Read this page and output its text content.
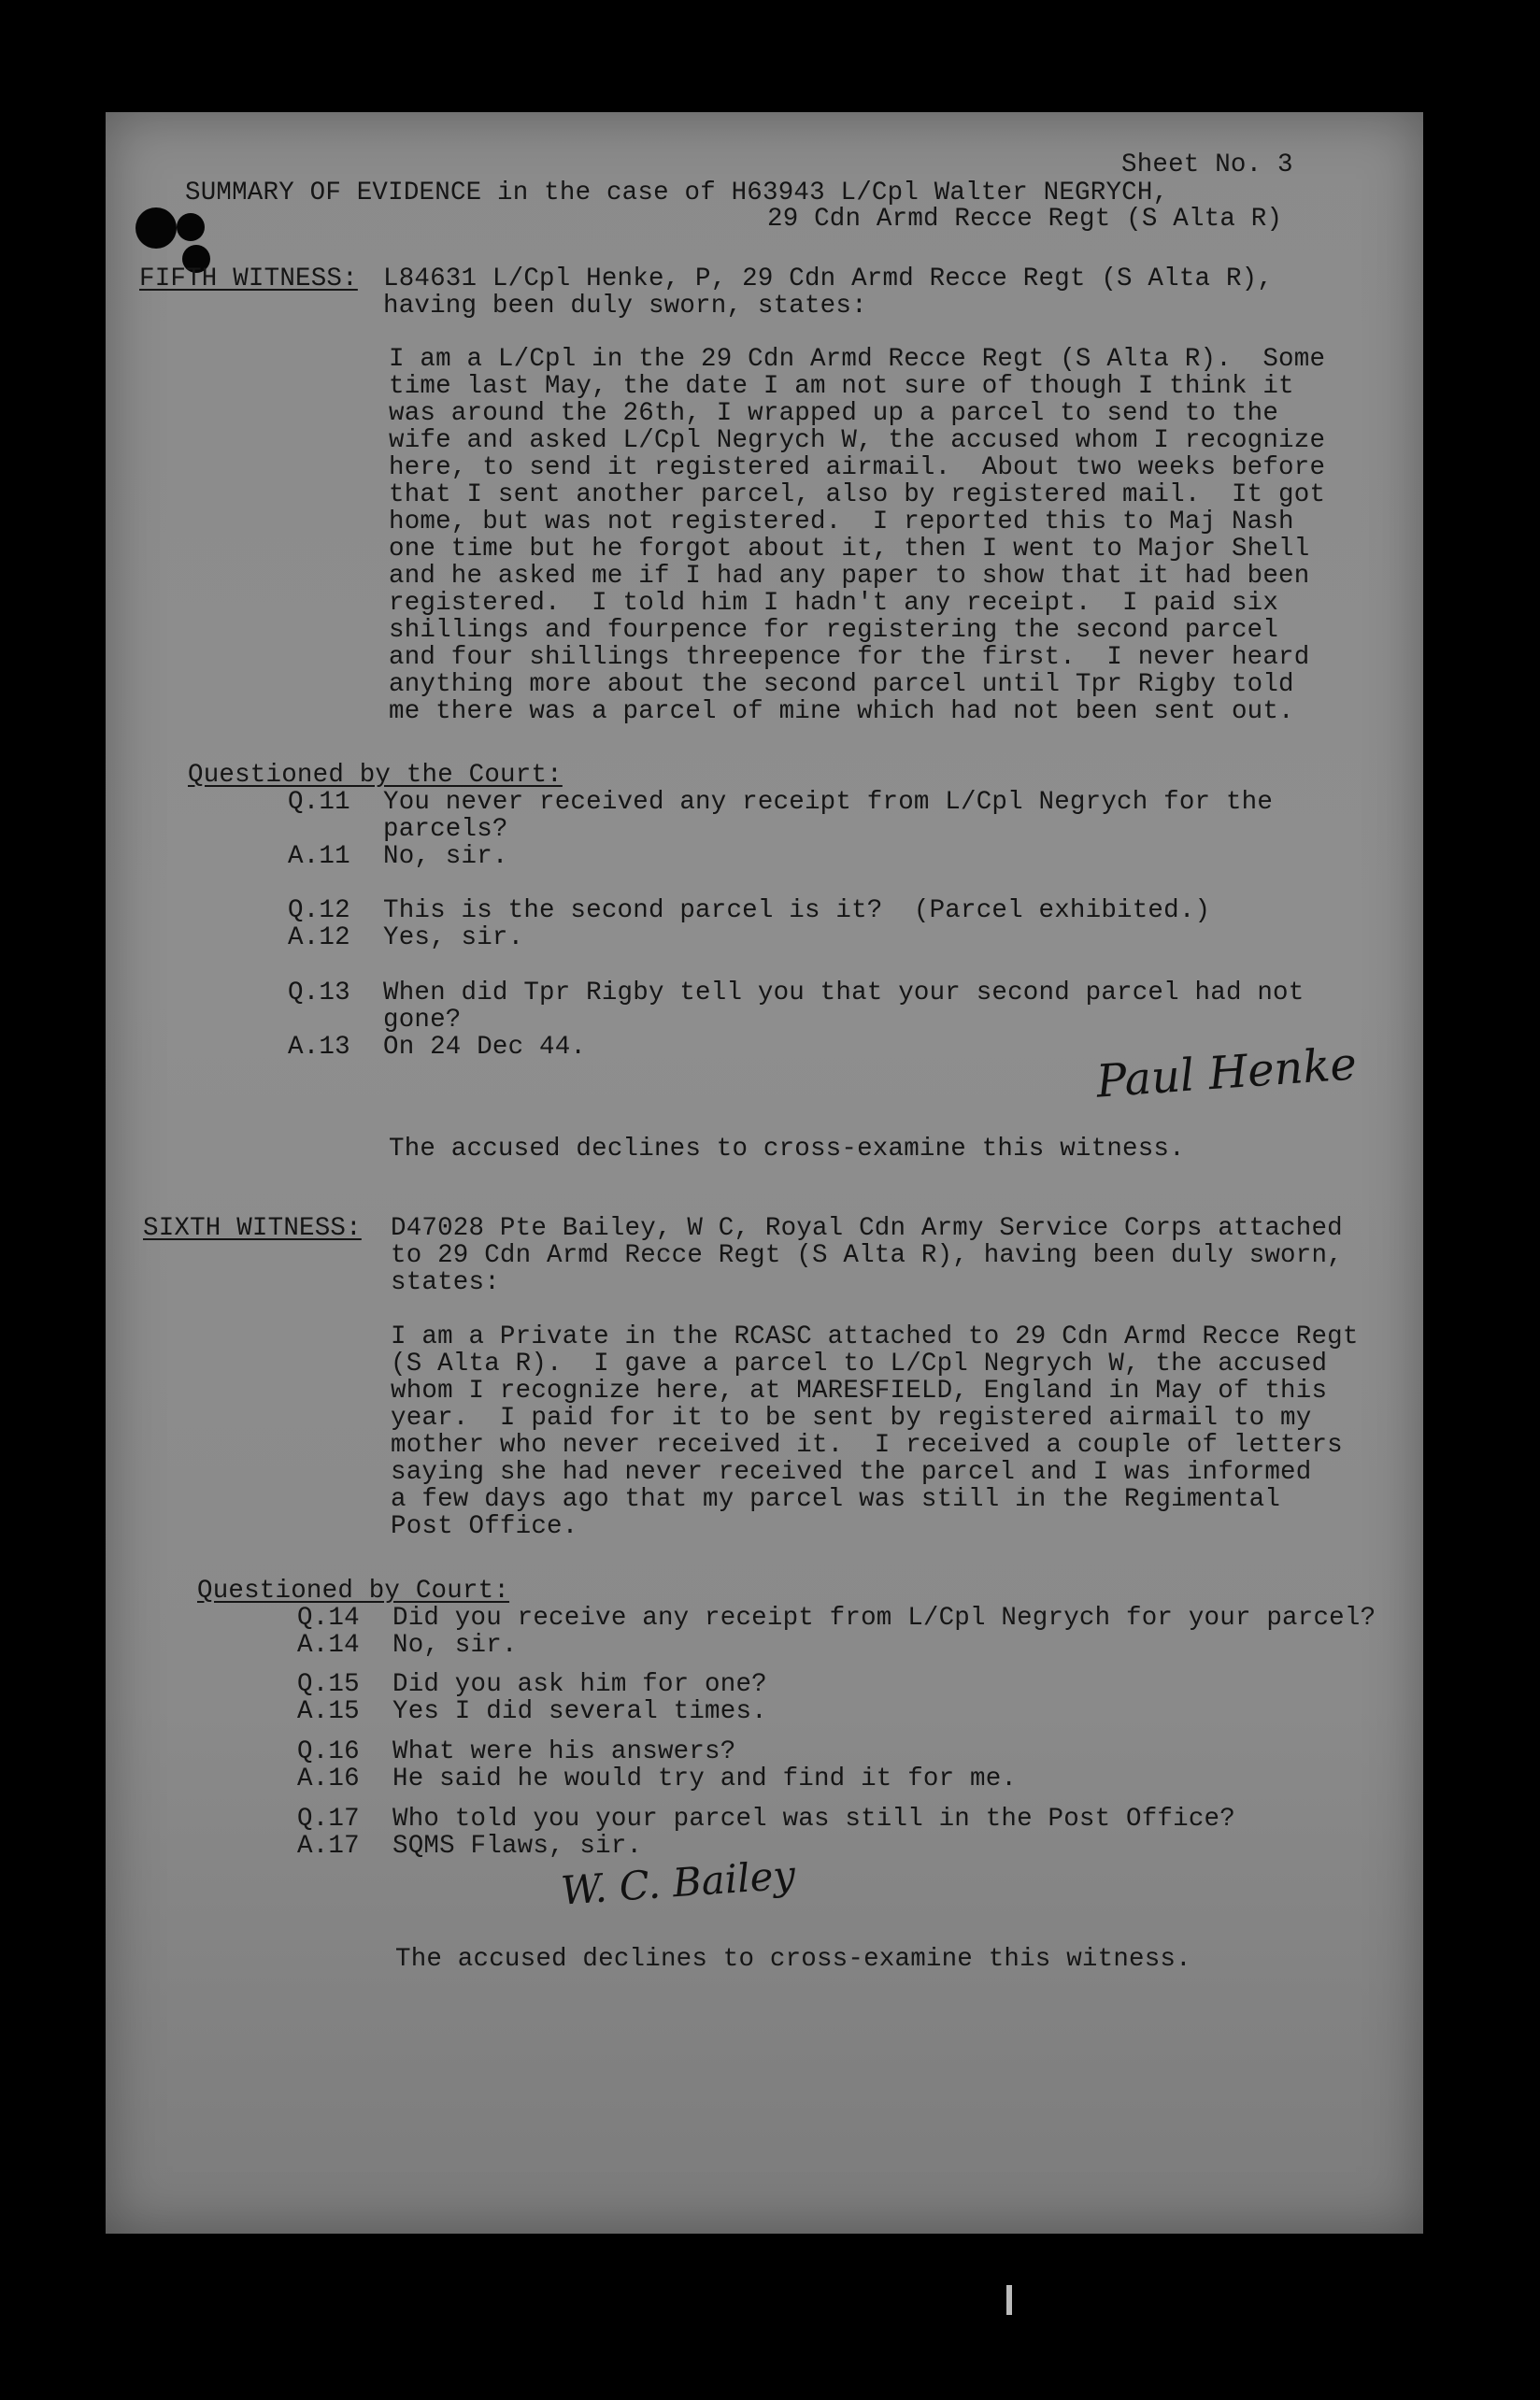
Sheet No. 3
SUMMARY OF EVIDENCE in the case of H63943 L/Cpl Walter NEGRYCH,
29 Cdn Armd Recce Regt (S Alta R)
FIFTH WITNESS: L84631 L/Cpl Henke, P, 29 Cdn Armd Recce Regt (S Alta R),
having been duly sworn, states:
I am a L/Cpl in the 29 Cdn Armd Recce Regt (S Alta R).  Some
time last May, the date I am not sure of though I think it
was around the 26th, I wrapped up a parcel to send to the
wife and asked L/Cpl Negrych W, the accused whom I recognize
here, to send it registered airmail.  About two weeks before
that I sent another parcel, also by registered mail.  It got
home, but was not registered.  I reported this to Maj Nash
one time but he forgot about it, then I went to Major Shell
and he asked me if I had any paper to show that it had been
registered.  I told him I hadn't any receipt.  I paid six
shillings and fourpence for registering the second parcel
and four shillings threepence for the first.  I never heard
anything more about the second parcel until Tpr Rigby told
me there was a parcel of mine which had not been sent out.
Questioned by the Court:
Q.11 You never received any receipt from L/Cpl Negrych for the
parcels?
A.11 No, sir.
Q.12 This is the second parcel is it?  (Parcel exhibited.)
A.12 Yes, sir.
Q.13 When did Tpr Rigby tell you that your second parcel had not
gone?
A.13 On 24 Dec 44.	Paul Henke
The accused declines to cross-examine this witness.
SIXTH WITNESS: D47028 Pte Bailey, W C, Royal Cdn Army Service Corps attached
to 29 Cdn Armd Recce Regt (S Alta R), having been duly sworn,
states:
I am a Private in the RCASC attached to 29 Cdn Armd Recce Regt
(S Alta R).  I gave a parcel to L/Cpl Negrych W, the accused
whom I recognize here, at MARESFIELD, England in May of this
year.  I paid for it to be sent by registered airmail to my
mother who never received it.  I received a couple of letters
saying she had never received the parcel and I was informed
a few days ago that my parcel was still in the Regimental
Post Office.
Questioned by Court:
Q.14 Did you receive any receipt from L/Cpl Negrych for your parcel?
A.14 No, sir.
Q.15 Did you ask him for one?
A.15 Yes I did several times.
Q.16 What were his answers?
A.16 He said he would try and find it for me.
Q.17 Who told you your parcel was still in the Post Office?
A.17 SQMS Flaws, sir.
W. C. Bailey
The accused declines to cross-examine this witness.
